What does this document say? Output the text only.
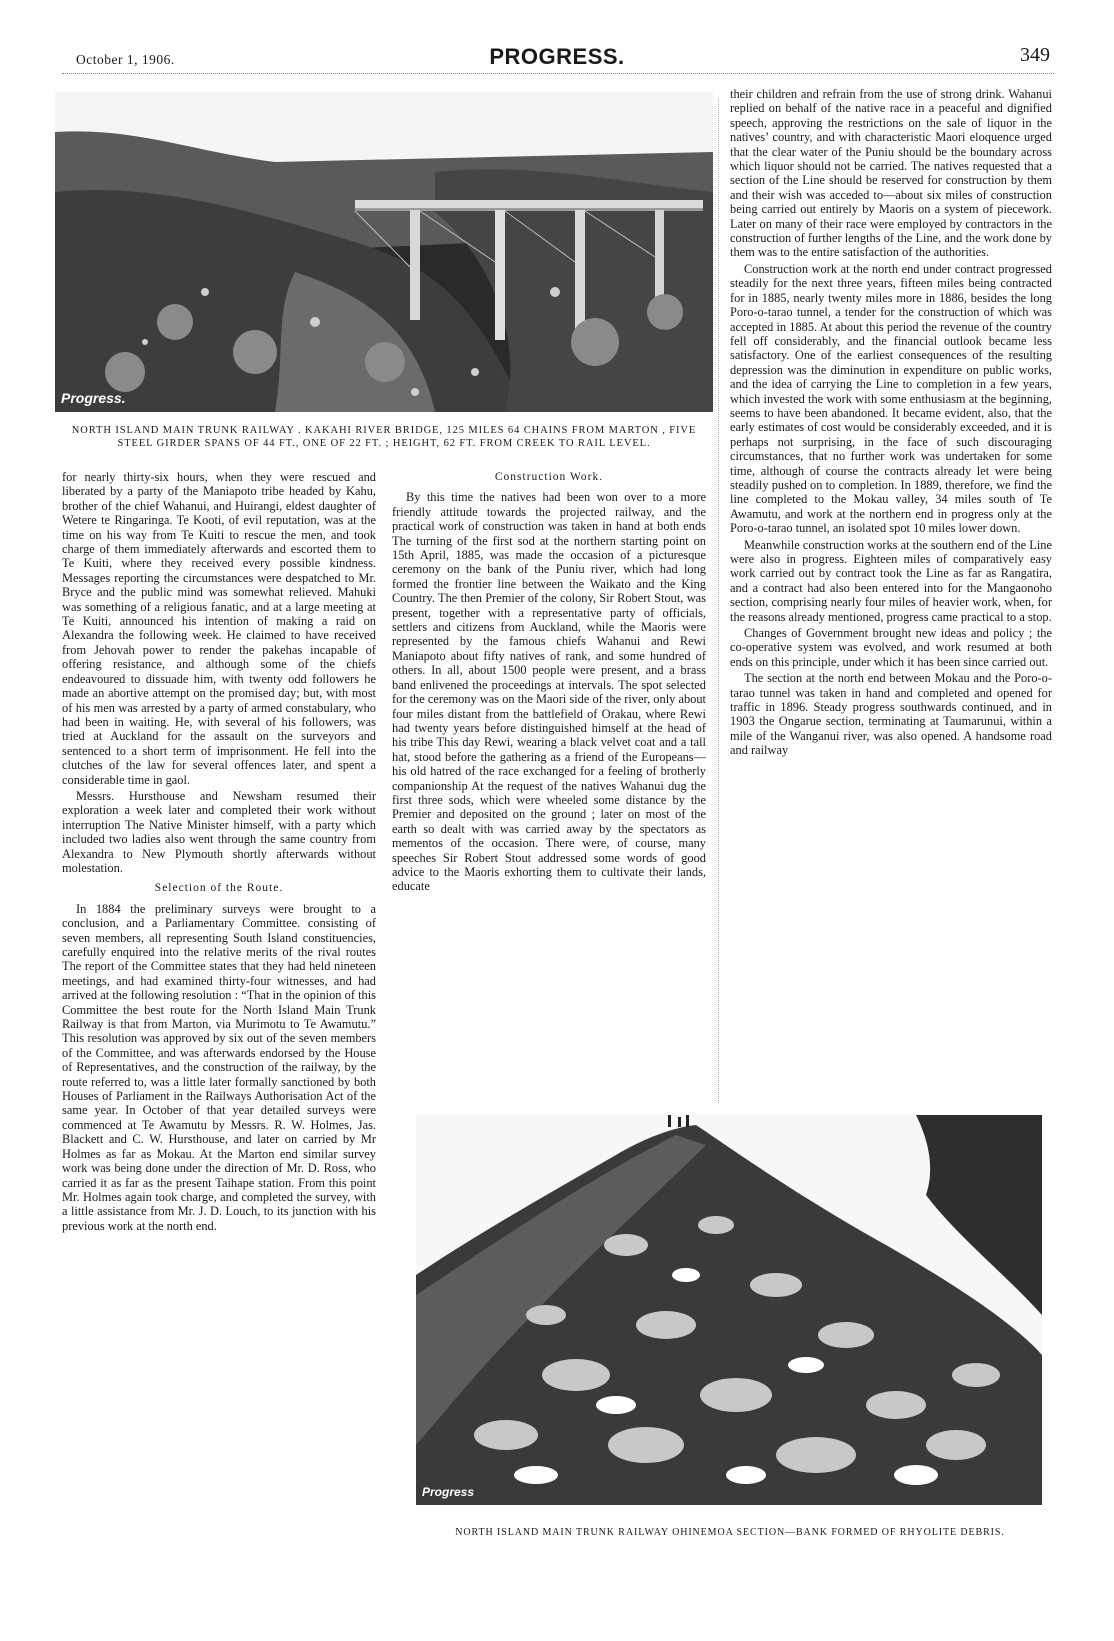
October 1, 1906.	PROGRESS.	349
Progress.
NORTH ISLAND MAIN TRUNK RAILWAY . KAKAHI RIVER BRIDGE, 125 MILES 64 CHAINS FROM MARTON , FIVE
STEEL GIRDER SPANS OF 44 FT., ONE OF 22 FT. ; HEIGHT, 62 FT. FROM CREEK TO RAIL LEVEL.

for nearly thirty-six hours, when they were rescued and liberated by a party of the Maniapoto tribe headed by Kahu, brother of the chief Wahanui, and Huirangi, eldest daughter of Wetere te Ringaringa. Te Kooti, of evil reputation, was at the time on his way from Te Kuiti to rescue the men, and took charge of them immediately afterwards and escorted them to Te Kuiti, where they received every possible kindness. Messages reporting the circumstances were despatched to Mr. Bryce and the public mind was somewhat relieved. Mahuki was something of a religious fanatic, and at a large meeting at Te Kuiti, announced his intention of making a raid on Alexandra the following week. He claimed to have received from Jehovah power to render the pakehas incapable of offering resistance, and although some of the chiefs endeavoured to dissuade him, with twenty odd followers he made an abortive attempt on the promised day; but, with most of his men was arrested by a party of armed constabulary, who had been in waiting. He, with several of his followers, was tried at Auckland for the assault on the surveyors and sentenced to a short term of imprisonment. He fell into the clutches of the law for several offences later, and spent a considerable time in gaol.

Messrs. Hursthouse and Newsham resumed their exploration a week later and completed their work without interruption The Native Minister himself, with a party which included two ladies also went through the same country from Alexandra to New Plymouth shortly afterwards without molestation.

Selection of the Route.

In 1884 the preliminary surveys were brought to a conclusion, and a Parliamentary Committee. consisting of seven members, all representing South Island constituencies, carefully enquired into the relative merits of the rival routes The report of the Committee states that they had held nineteen meetings, and had examined thirty-four witnesses, and had arrived at the following resolution : “That in the opinion of this Committee the best route for the North Island Main Trunk Railway is that from Marton, via Murimotu to Te Awamutu.” This resolution was approved by six out of the seven members of the Committee, and was afterwards endorsed by the House of Representatives, and the construction of the railway, by the route referred to, was a little later formally sanctioned by both Houses of Parliament in the Railways Authorisation Act of the same year. In October of that year detailed surveys were commenced at Te Awamutu by Messrs. R. W. Holmes, Jas. Blackett and C. W. Hursthouse, and later on carried by Mr Holmes as far as Mokau. At the Marton end similar survey work was being done under the direction of Mr. D. Ross, who carried it as far as the present Taihape station. From this point Mr. Holmes again took charge, and completed the survey, with a little assistance from Mr. J. D. Louch, to its junction with his previous work at the north end.

Construction Work.

By this time the natives had been won over to a more friendly attitude towards the projected railway, and the practical work of construction was taken in hand at both ends The turning of the first sod at the northern starting point on 15th April, 1885, was made the occasion of a picturesque ceremony on the bank of the Puniu river, which had long formed the frontier line between the Waikato and the King Country. The then Premier of the colony, Sir Robert Stout, was present, together with a representative party of officials, settlers and citizens from Auckland, while the Maoris were represented by the famous chiefs Wahanui and Rewi Maniapoto about fifty natives of rank, and some hundred of others. In all, about 1500 people were present, and a brass band enlivened the proceedings at intervals. The spot selected for the ceremony was on the Maori side of the river, only about four miles distant from the battlefield of Orakau, where Rewi had twenty years before distinguished himself at the head of his tribe This day Rewi, wearing a black velvet coat and a tall hat, stood before the gathering as a friend of the Europeans—his old hatred of the race exchanged for a feeling of brotherly companionship At the request of the natives Wahanui dug the first three sods, which were wheeled some distance by the Premier and deposited on the ground ; later on most of the earth so dealt with was carried away by the spectators as mementos of the occasion. There were, of course, many speeches Sir Robert Stout addressed some words of good advice to the Maoris exhorting them to cultivate their lands, educate

their children and refrain from the use of strong drink. Wahanui replied on behalf of the native race in a peaceful and dignified speech, approving the restrictions on the sale of liquor in the natives’ country, and with characteristic Maori eloquence urged that the clear water of the Puniu should be the boundary across which liquor should not be carried. The natives requested that a section of the Line should be reserved for construction by them and their wish was acceded to—about six miles of construction being carried out entirely by Maoris on a system of piecework. Later on many of their race were employed by contractors in the construction of further lengths of the Line, and the work done by them was to the entire satisfaction of the authorities.

Construction work at the north end under contract progressed steadily for the next three years, fifteen miles being contracted for in 1885, nearly twenty miles more in 1886, besides the long Poro-o-tarao tunnel, a tender for the construction of which was accepted in 1885. At about this period the revenue of the country fell off considerably, and the financial outlook became less satisfactory. One of the earliest consequences of the resulting depression was the diminution in expenditure on public works, and the idea of carrying the Line to completion in a few years, which invested the work with some enthusiasm at the beginning, seems to have been abandoned. It became evident, also, that the early estimates of cost would be considerably exceeded, and it is perhaps not surprising, in the face of such discouraging circumstances, that no further work was undertaken for some time, although of course the contracts already let were being steadily pushed on to completion. In 1889, therefore, we find the line completed to the Mokau valley, 34 miles south of Te Awamutu, and work at the northern end in progress only at the Poro-o-tarao tunnel, an isolated spot 10 miles lower down.

Meanwhile construction works at the southern end of the Line were also in progress. Eighteen miles of comparatively easy work carried out by contract took the Line as far as Rangatira, and a contract had also been entered into for the Mangaonoho section, comprising nearly four miles of heavier work, when, for the reasons already mentioned, progress came practical to a stop.

Changes of Government brought new ideas and policy ; the co-operative system was evolved, and work resumed at both ends on this principle, under which it has been since carried out.

The section at the north end between Mokau and the Poro-o-tarao tunnel was taken in hand and completed and opened for traffic in 1896. Steady progress southwards continued, and in 1903 the Ongarue section, terminating at Taumarunui, within a mile of the Wanganui river, was also opened. A handsome road and railway

Progress
NORTH ISLAND MAIN TRUNK RAILWAY OHINEMOA SECTION—BANK FORMED OF RHYOLITE DEBRIS.
